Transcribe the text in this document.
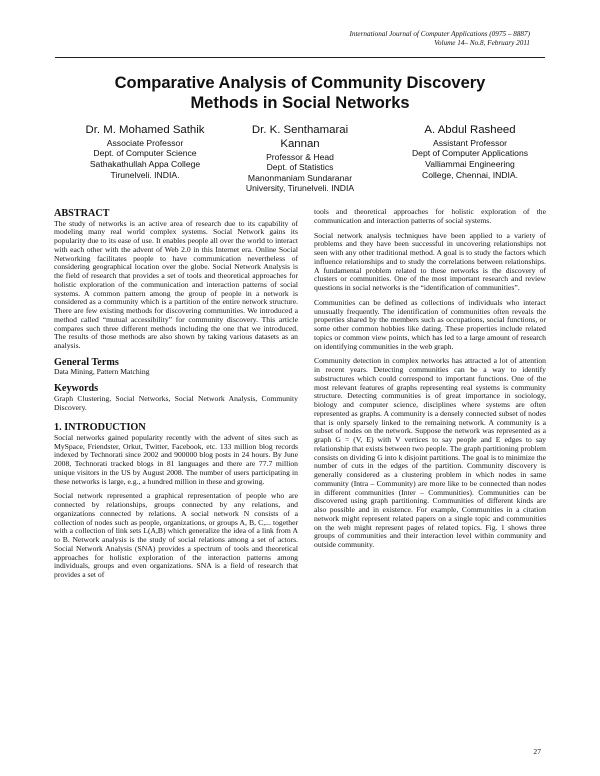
International Journal of Computer Applications (0975 – 8887)
Volume 14– No.8, February 2011
Comparative Analysis of Community Discovery
Methods in Social Networks
Dr. M. Mohamed Sathik
Associate Professor
Dept. of Computer Science
Sathakathullah Appa College
Tirunelveli. INDIA.
Dr. K. Senthamarai
Kannan
Professor & Head
Dept. of Statistics
Manonmaniam Sundaranar
University, Tirunelveli. INDIA
A. Abdul Rasheed
Assistant Professor
Dept of Computer Applications
Valliammai Engineering
College, Chennai, INDIA.
ABSTRACT

The study of networks is an active area of research due to its capability of modeling many real world complex systems. Social Network gains its popularity due to its ease of use. It enables people all over the world to interact with each other with the advent of Web 2.0 in this Internet era. Online Social Networking facilitates people to have communication nevertheless of considering geographical location over the globe. Social Network Analysis is the field of research that provides a set of tools and theoretical approaches for holistic exploration of the communication and interaction patterns of social systems. A common pattern among the group of people in a network is considered as a community which is a partition of the entire network structure. There are few existing methods for discovering communities. We introduced a method called “mutual accessibility” for community discovery. This article compares such three different methods including the one that we introduced. The results of those methods are also shown by taking various datasets as an analysis.

General Terms

Data Mining, Pattern Matching

Keywords

Graph Clustering, Social Networks, Social Network Analysis, Community Discovery.

1. INTRODUCTION

Social networks gained popularity recently with the advent of sites such as MySpace, Friendster, Orkut, Twitter, Facebook, etc. 133 million blog records indexed by Technorati since 2002 and 900000 blog posts in 24 hours. By June 2008, Technorati tracked blogs in 81 languages and there are 77.7 million unique visitors in the US by August 2008. The number of users participating in these networks is large, e.g., a hundred million in these and growing.

Social network represented a graphical representation of people who are connected by relationships, groups connected by any relations, and organizations connected by relations. A social network N consists of a collection of nodes such as people, organizations, or groups A, B, C,... together with a collection of link sets L(A,B) which generalize the idea of a link from A to B. Network analysis is the study of social relations among a set of actors. Social Network Analysis (SNA) provides a spectrum of tools and theoretical approaches for holistic exploration of the interaction patterns among individuals, groups and even organizations. SNA is a field of research that provides a set of

tools and theoretical approaches for holistic exploration of the communication and interaction patterns of social systems.

Social network analysis techniques have been applied to a variety of problems and they have been successful in uncovering relationships not seen with any other traditional method. A goal is to study the factors which influence relationships and to study the correlations between relationships. A fundamental problem related to these networks is the discovery of clusters or communities. One of the most important research and review questions in social networks is the “identification of communities”.

Communities can be defined as collections of individuals who interact unusually frequently. The identification of communities often reveals the properties shared by the members such as occupations, social functions, or some other common hobbies like dating. These properties include related topics or common view points, which has led to a large amount of research on identifying communities in the web graph.

Community detection in complex networks has attracted a lot of attention in recent years. Detecting communities can be a way to identify substructures which could correspond to important functions. One of the most relevant features of graphs representing real systems is community structure. Detecting communities is of great importance in sociology, biology and computer science, disciplines where systems are often represented as graphs. A community is a densely connected subset of nodes that is only sparsely linked to the remaining network. A community is a subset of nodes on the network. Suppose the network was represented as a graph G = (V, E) with V vertices to say people and E edges to say relationship that exists between two people. The graph partitioning problem consists on dividing G into k disjoint partitions. The goal is to minimize the number of cuts in the edges of the partition. Community discovery is generally considered as a clustering problem in which nodes in same community (Intra – Community) are more like to be connected than nodes in different communities (Inter – Communities). Communities can be discovered using graph partitioning. Communities of different kinds are also possible and in existence. For example, Communities in a citation network might represent related papers on a single topic and communities on the web might represent pages of related topics. Fig. 1 shows three groups of communities and their interaction level within community and outside community.

27
